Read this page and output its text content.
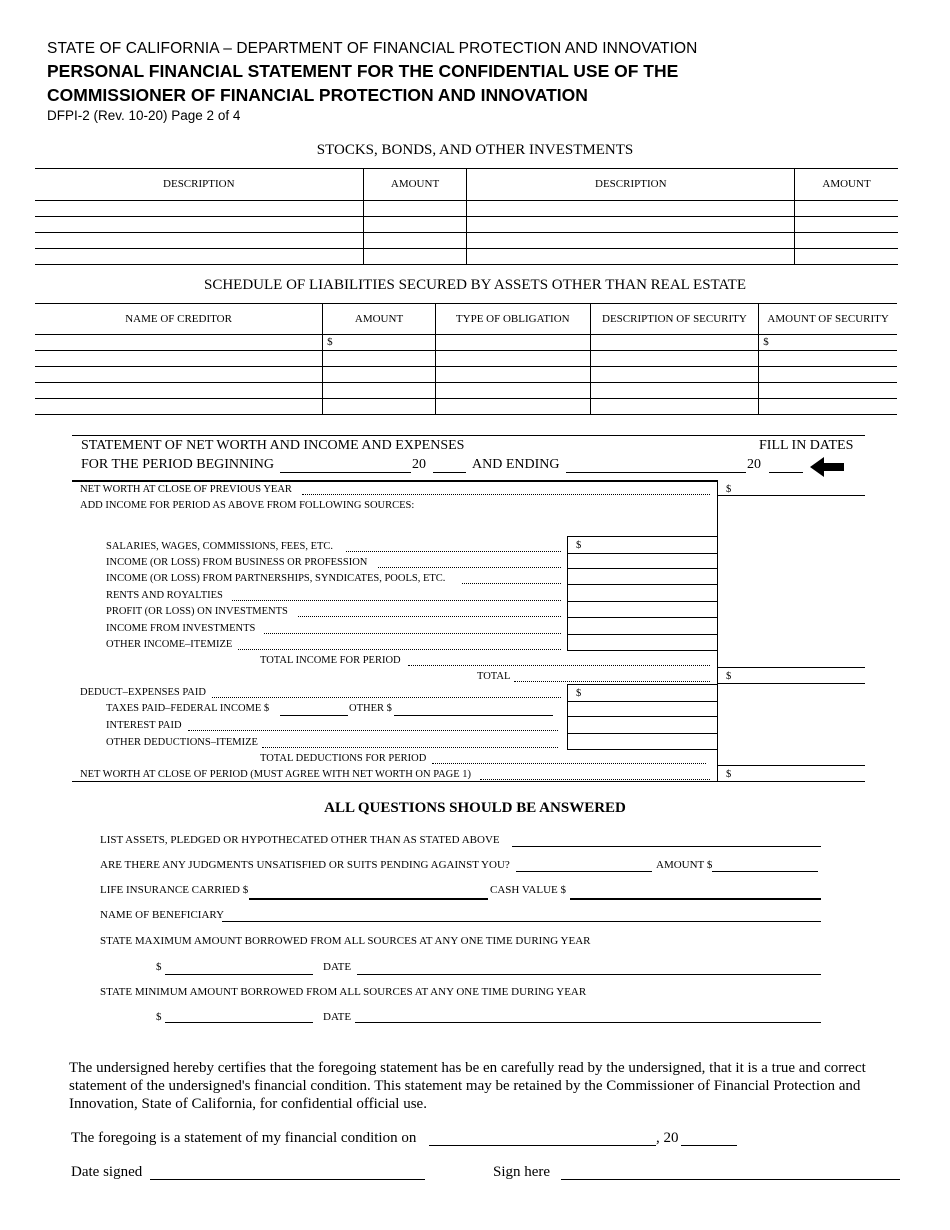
STATE OF CALIFORNIA – DEPARTMENT OF FINANCIAL PROTECTION AND INNOVATION
PERSONAL FINANCIAL STATEMENT FOR THE CONFIDENTIAL USE OF THE
COMMISSIONER OF FINANCIAL PROTECTION AND INNOVATION
DFPI-2 (Rev. 10-20) Page 2 of 4
STOCKS, BONDS, AND OTHER INVESTMENTS
DESCRIPTION	AMOUNT	DESCRIPTION	AMOUNT

SCHEDULE OF LIABILITIES SECURED BY ASSETS OTHER THAN REAL ESTATE
NAME OF CREDITOR	AMOUNT	TYPE OF OBLIGATION	DESCRIPTION OF SECURITY	AMOUNT OF SECURITY
	$			$

STATEMENT OF NET WORTH AND INCOME AND EXPENSES	FILL IN DATES
FOR THE PERIOD BEGINNING	20	AND ENDING	20
NET WORTH AT CLOSE OF PREVIOUS YEAR	$
ADD INCOME FOR PERIOD AS ABOVE FROM FOLLOWING SOURCES:
SALARIES, WAGES, COMMISSIONS, FEES, ETC.
INCOME (OR LOSS) FROM BUSINESS OR PROFESSION
INCOME (OR LOSS) FROM PARTNERSHIPS, SYNDICATES, POOLS, ETC.
RENTS AND ROYALTIES
PROFIT (OR LOSS) ON INVESTMENTS
INCOME FROM INVESTMENTS
OTHER INCOME–ITEMIZE
$
TOTAL INCOME FOR PERIOD
TOTAL	$
DEDUCT–EXPENSES PAID
TAXES PAID–FEDERAL INCOME $	OTHER $
INTEREST PAID
OTHER DEDUCTIONS–ITEMIZE
$
TOTAL DEDUCTIONS FOR PERIOD
NET WORTH AT CLOSE OF PERIOD (MUST AGREE WITH NET WORTH ON PAGE 1)	$
ALL QUESTIONS SHOULD BE ANSWERED
LIST ASSETS, PLEDGED OR HYPOTHECATED OTHER THAN AS STATED ABOVE
ARE THERE ANY JUDGMENTS UNSATISFIED OR SUITS PENDING AGAINST YOU?	AMOUNT $
LIFE INSURANCE CARRIED $	CASH VALUE $
NAME OF BENEFICIARY
STATE MAXIMUM AMOUNT BORROWED FROM ALL SOURCES AT ANY ONE TIME DURING YEAR
$	DATE
STATE MINIMUM AMOUNT BORROWED FROM ALL SOURCES AT ANY ONE TIME DURING YEAR
$	DATE
The undersigned hereby certifies that the foregoing statement has be en carefully read by the undersigned, that it is a true and correct statement of the undersigned's financial condition. This statement may be retained by the Commissioner of Financial Protection and Innovation, State of California, for confidential official use.
The foregoing is a statement of my financial condition on	, 20
Date signed	Sign here
